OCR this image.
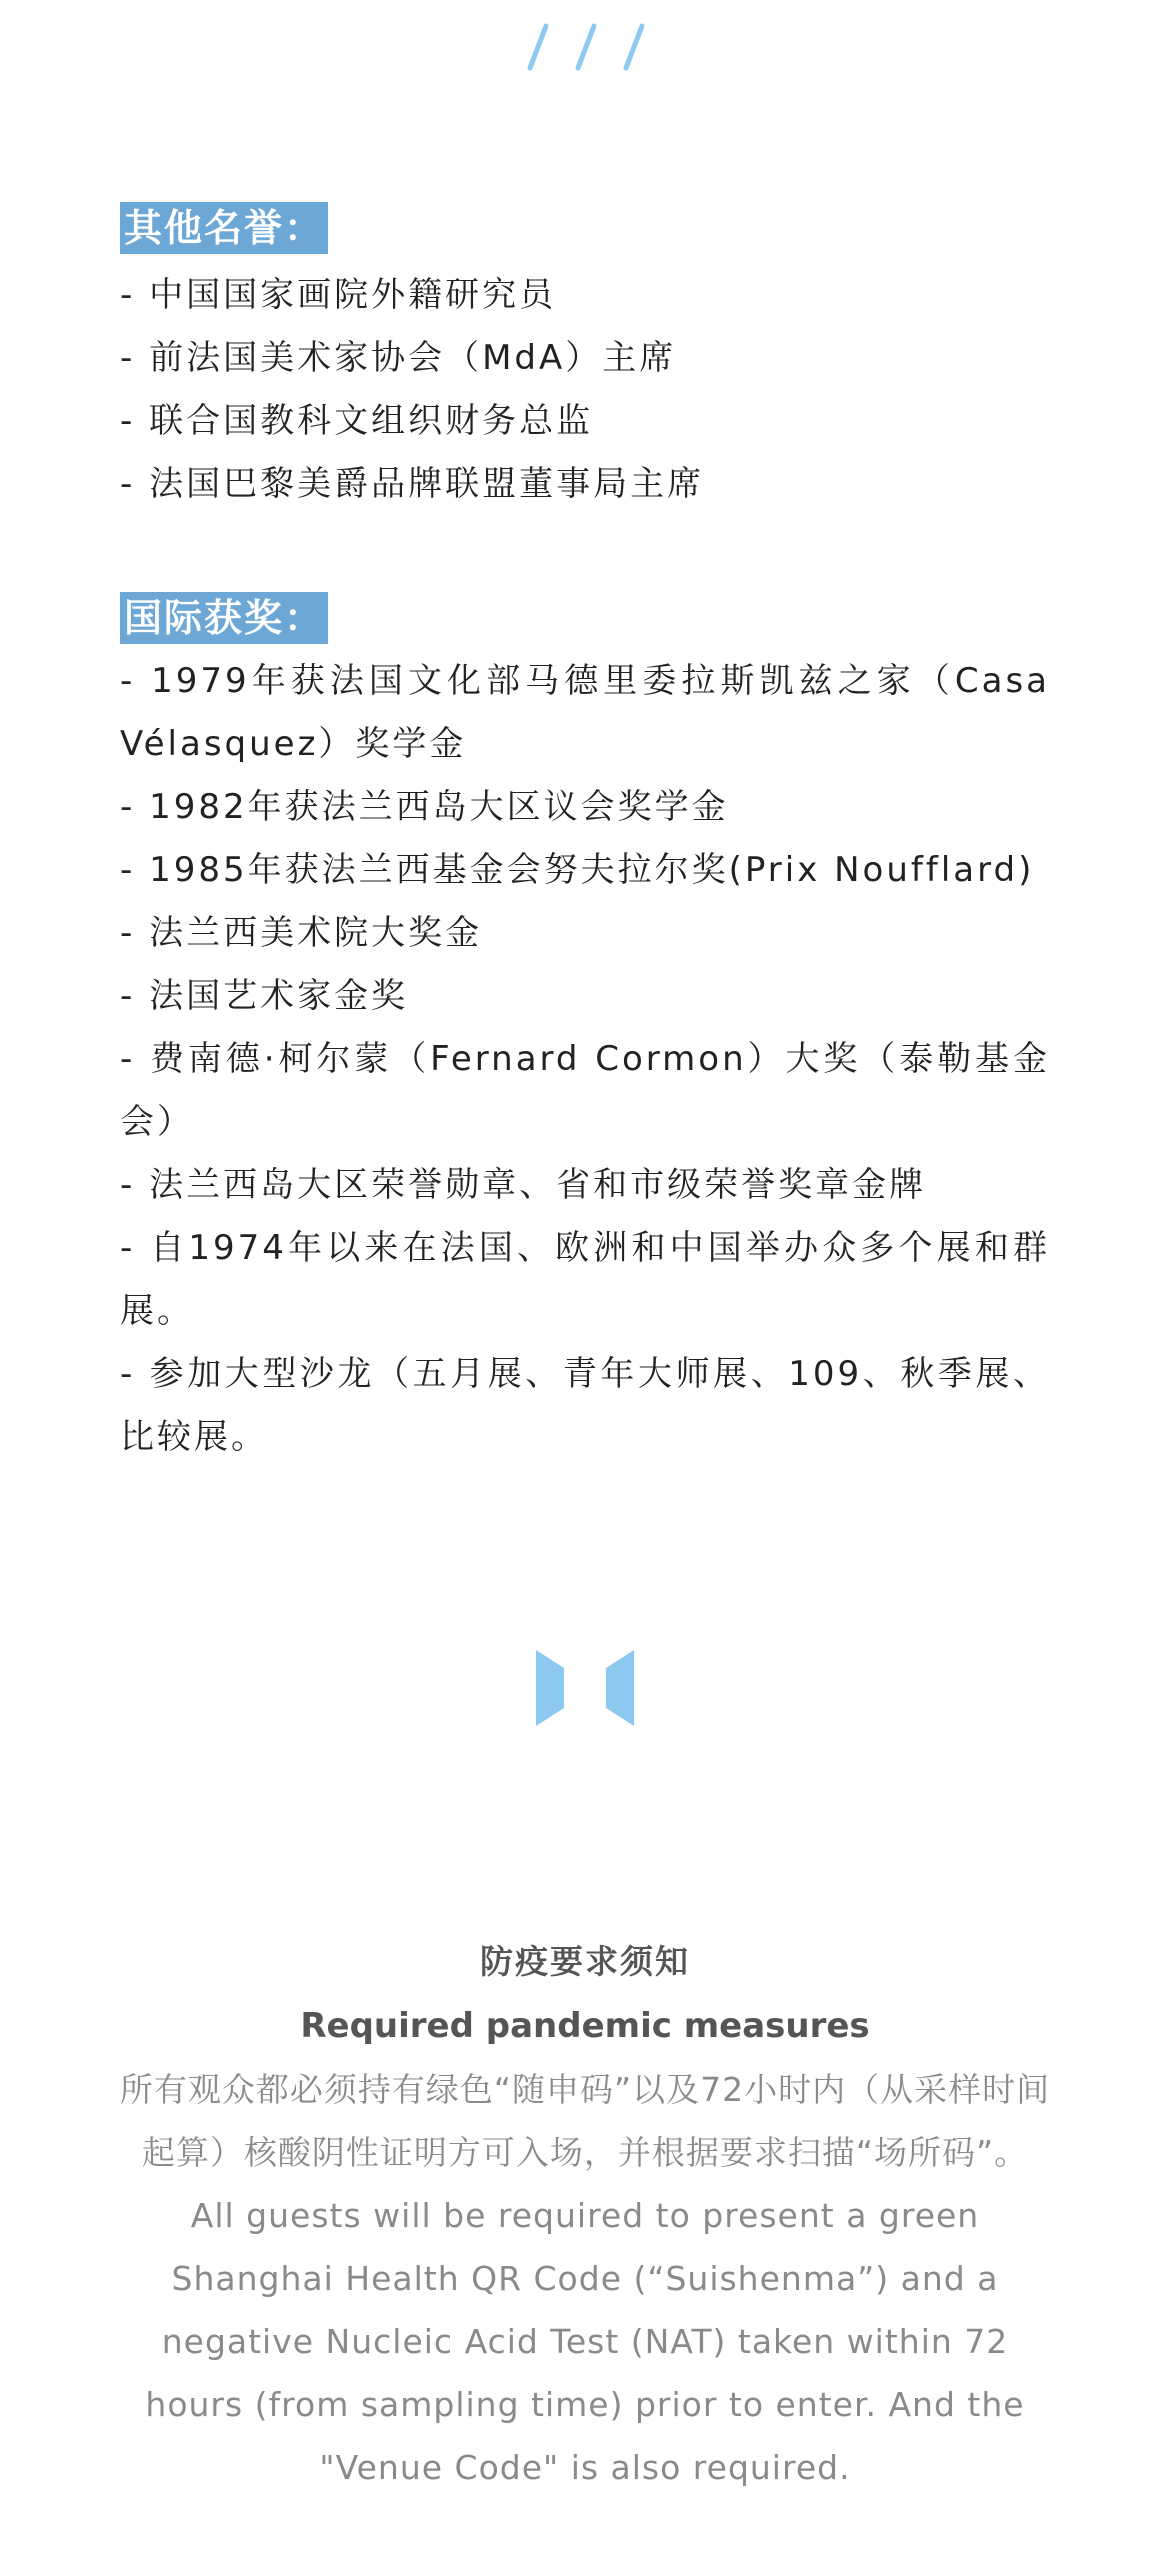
其他名誉：
- 中国国家画院外籍研究员
- 前法国美术家协会（MdA）主席
- 联合国教科文组织财务总监
- 法国巴黎美爵品牌联盟董事局主席
国际获奖：
- 1979年获法国文化部马德里委拉斯凯兹之家（Casa Vélasquez）奖学金
- 1982年获法兰西岛大区议会奖学金
- 1985年获法兰西基金会努夫拉尔奖(Prix Noufflard)
- 法兰西美术院大奖金
- 法国艺术家金奖
- 费南德·柯尔蒙（Fernard Cormon）大奖（泰勒基金会）
- 法兰西岛大区荣誉勋章、省和市级荣誉奖章金牌
- 自1974年以来在法国、欧洲和中国举办众多个展和群展。
- 参加大型沙龙（五月展、青年大师展、109、秋季展、比较展。
防疫要求须知
Required pandemic measures
所有观众都必须持有绿色“随申码”以及72小时内（从采样时间起算）核酸阴性证明方可入场，并根据要求扫描“场所码”。
All guests will be required to present a green Shanghai Health QR Code (“Suishenma”) and a negative Nucleic Acid Test (NAT) taken within 72 hours (from sampling time) prior to enter. And the "Venue Code" is also required.
